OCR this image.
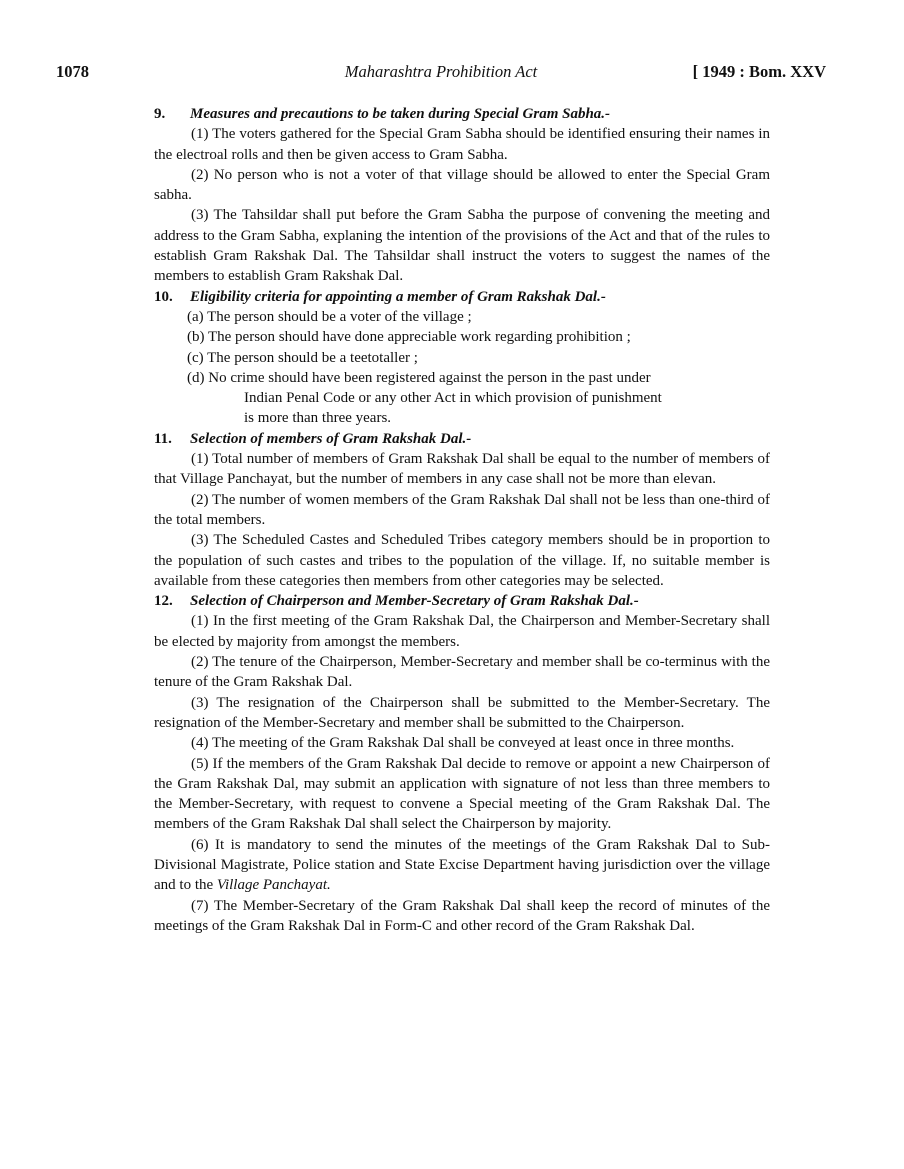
1078	Maharashtra Prohibition Act	[ 1949 : Bom. XXV

9. Measures and precautions to be taken during Special Gram Sabha.-

(1) The voters gathered for the Special Gram Sabha should be identified ensuring their names in the electroal rolls and then be given access to Gram Sabha.

(2) No person who is not a voter of that village should be allowed to enter the Special Gram sabha.

(3) The Tahsildar shall put before the Gram Sabha the purpose of convening the meeting and address to the Gram Sabha, explaning the intention of the provisions of the Act and that of the rules to establish Gram Rakshak Dal. The Tahsildar shall instruct the voters to suggest the names of the members to establish Gram Rakshak Dal.

10. Eligibility criteria for appointing a member of Gram Rakshak Dal.-

(a) The person should be a voter of the village ;

(b) The person should have done appreciable work regarding prohibition ;

(c) The person should be a teetotaller ;

(d) No crime should have been registered against the person in the past under
Indian Penal Code or any other Act in which provision of punishment
is more than three years.

11. Selection of members of Gram Rakshak Dal.-

(1) Total number of members of Gram Rakshak Dal shall be equal to the number of members of that Village Panchayat, but the number of members in any case shall not be more than elevan.

(2) The number of women members of the Gram Rakshak Dal shall not be less than one-third of the total members.

(3) The Scheduled Castes and Scheduled Tribes category members should be in proportion to the population of such castes and tribes to the population of the village. If, no suitable member is available from these categories then members from other categories may be selected.

12. Selection of Chairperson and Member-Secretary of Gram Rakshak Dal.-

(1) In the first meeting of the Gram Rakshak Dal, the Chairperson and Member-Secretary shall be elected by majority from amongst the members.

(2) The tenure of the Chairperson, Member-Secretary and member shall be co-terminus with the tenure of the Gram Rakshak Dal.

(3) The resignation of the Chairperson shall be submitted to the Member-Secretary. The resignation of the Member-Secretary and member shall be submitted to the Chairperson.

(4) The meeting of the Gram Rakshak Dal shall be conveyed at least once in three months.

(5) If the members of the Gram Rakshak Dal decide to remove or appoint a new Chairperson of the Gram Rakshak Dal, may submit an application with signature of not less than three members to the Member-Secretary, with request to convene a Special meeting of the Gram Rakshak Dal. The members of the Gram Rakshak Dal shall select the Chairperson by majority.

(6) It is mandatory to send the minutes of the meetings of the Gram Rakshak Dal to Sub-Divisional Magistrate, Police station and State Excise Department having jurisdiction over the village and to the Village Panchayat.

(7) The Member-Secretary of the Gram Rakshak Dal shall keep the record of minutes of the meetings of the Gram Rakshak Dal in Form-C and other record of the Gram Rakshak Dal.
